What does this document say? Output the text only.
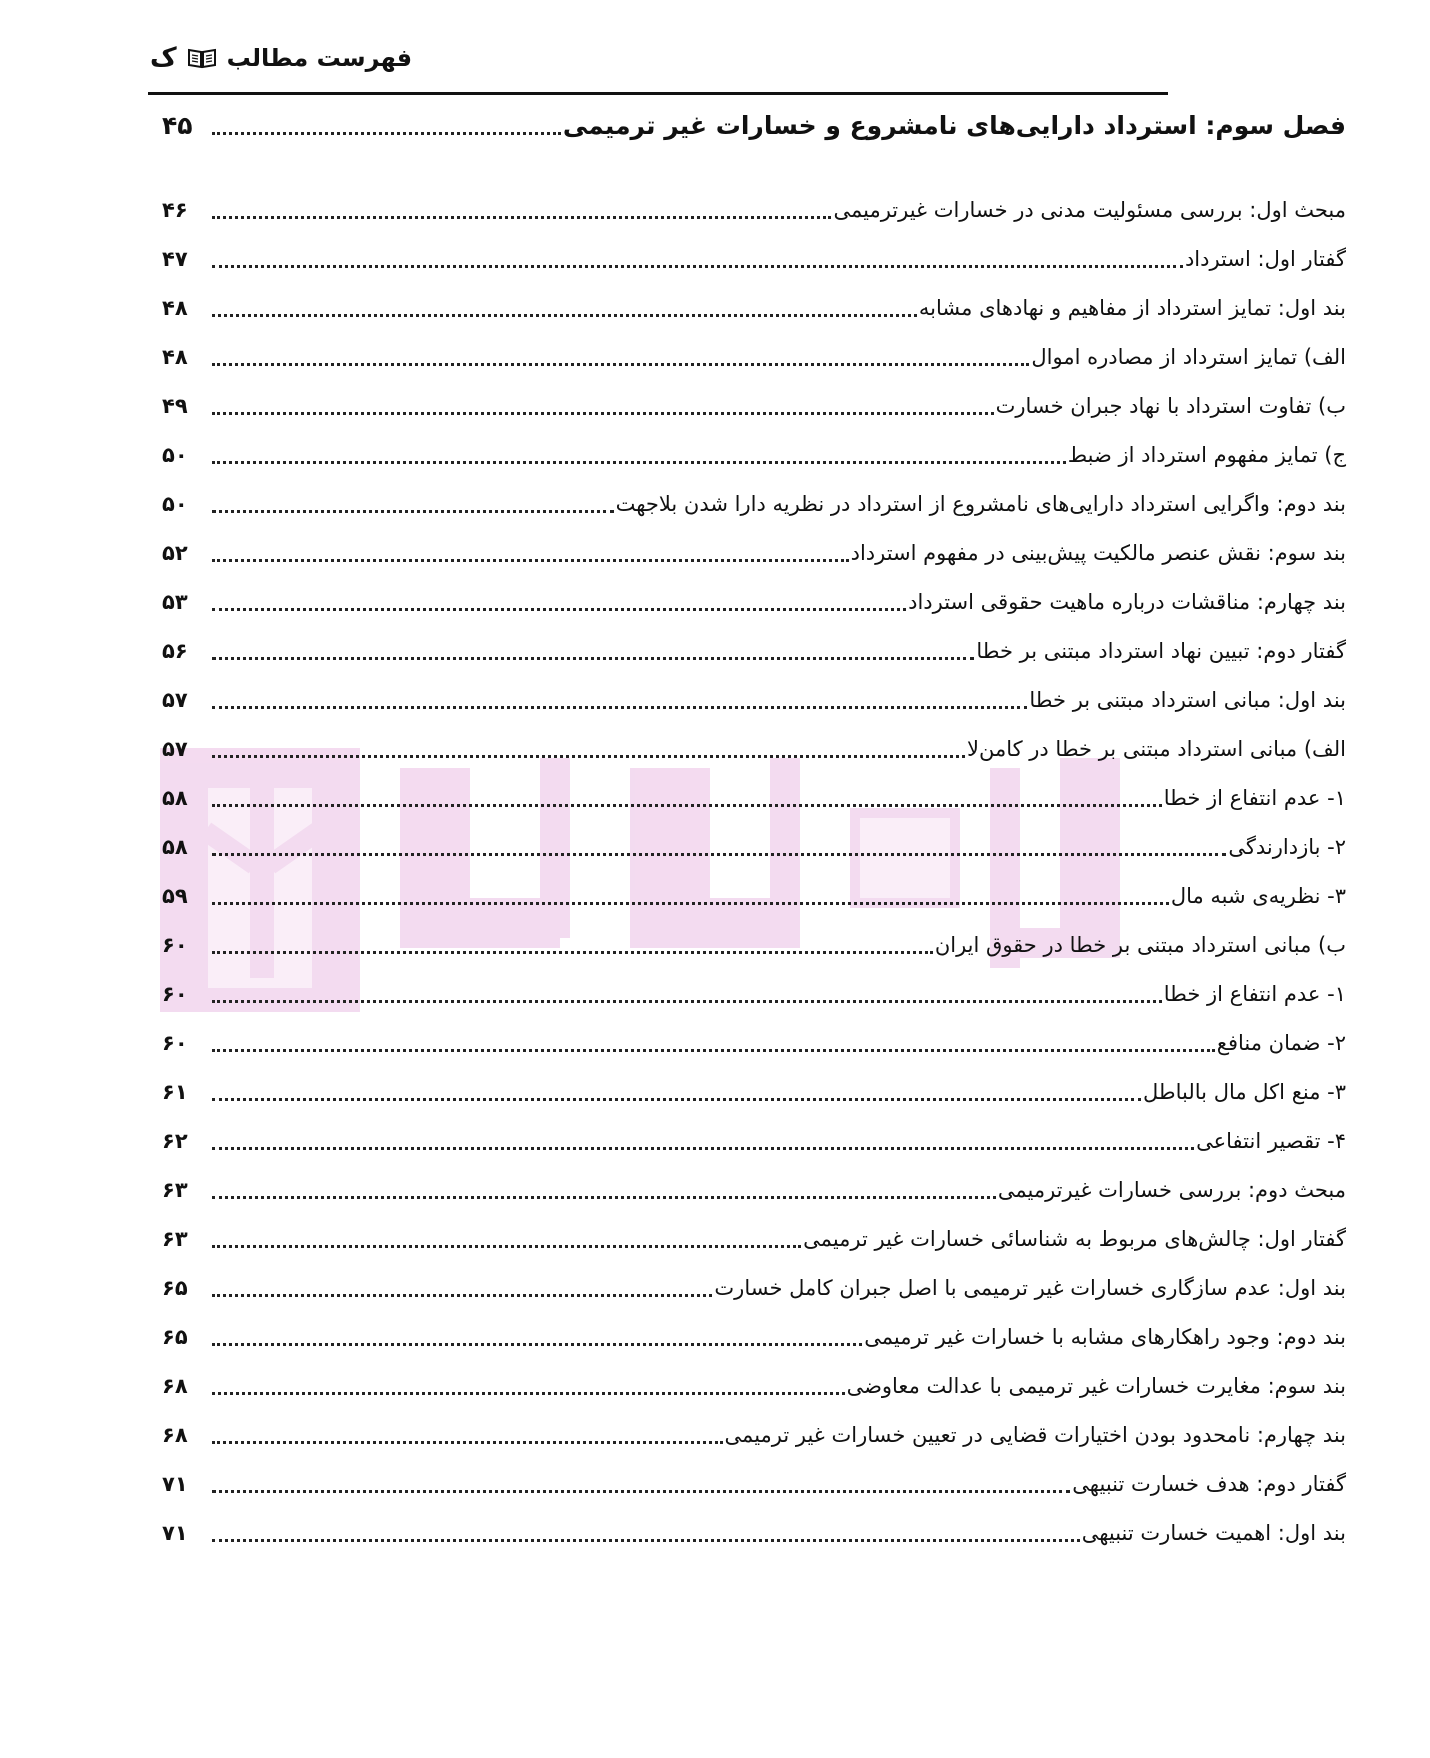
ک فهرست مطالب
فصل سوم: استرداد دارایی‌های نامشروع و خسارات غیر ترمیمی
۴۵
مبحث اول: بررسی مسئولیت مدنی در خسارات غیرترمیمی
۴۶
گفتار اول: استرداد
۴۷
بند اول: تمایز استرداد از مفاهیم و نهادهای مشابه
۴۸
الف) تمایز استرداد از مصادره اموال
۴۸
ب) تفاوت استرداد با نهاد جبران خسارت
۴۹
ج) تمایز مفهوم استرداد از ضبط
۵۰
بند دوم: واگرایی استرداد دارایی‌های نامشروع از استرداد در نظریه دارا شدن بلاجهت
۵۰
بند سوم: نقش عنصر مالکیت پیش‌بینی در مفهوم استرداد
۵۲
بند چهارم: مناقشات درباره ماهیت حقوقی استرداد
۵۳
گفتار دوم: تبیین نهاد استرداد مبتنی بر خطا
۵۶
بند اول: مبانی استرداد مبتنی بر خطا
۵۷
الف) مبانی استرداد مبتنی بر خطا در کامن‌لا
۵۷
۱- عدم انتفاع از خطا
۵۸
۲- بازدارندگی
۵۸
۳- نظریه‌ی شبه مال
۵۹
ب) مبانی استرداد مبتنی بر خطا در حقوق ایران
۶۰
۱- عدم انتفاع از خطا
۶۰
۲- ضمان منافع
۶۰
۳- منع اکل مال بالباطل
۶۱
۴- تقصیر انتفاعی
۶۲
مبحث دوم: بررسی خسارات غیرترمیمی
۶۳
گفتار اول: چالش‌های مربوط به شناسائی خسارات غیر ترمیمی
۶۳
بند اول: عدم سازگاری خسارات غیر ترمیمی با اصل جبران کامل خسارت
۶۵
بند دوم: وجود راهکارهای مشابه با خسارات غیر ترمیمی
۶۵
بند سوم: مغایرت خسارات غیر ترمیمی با عدالت معاوضی
۶۸
بند چهارم: نامحدود بودن اختیارات قضایی در تعیین خسارات غیر ترمیمی
۶۸
گفتار دوم: هدف خسارت تنبیهی
۷۱
بند اول: اهمیت خسارت تنبیهی
۷۱
